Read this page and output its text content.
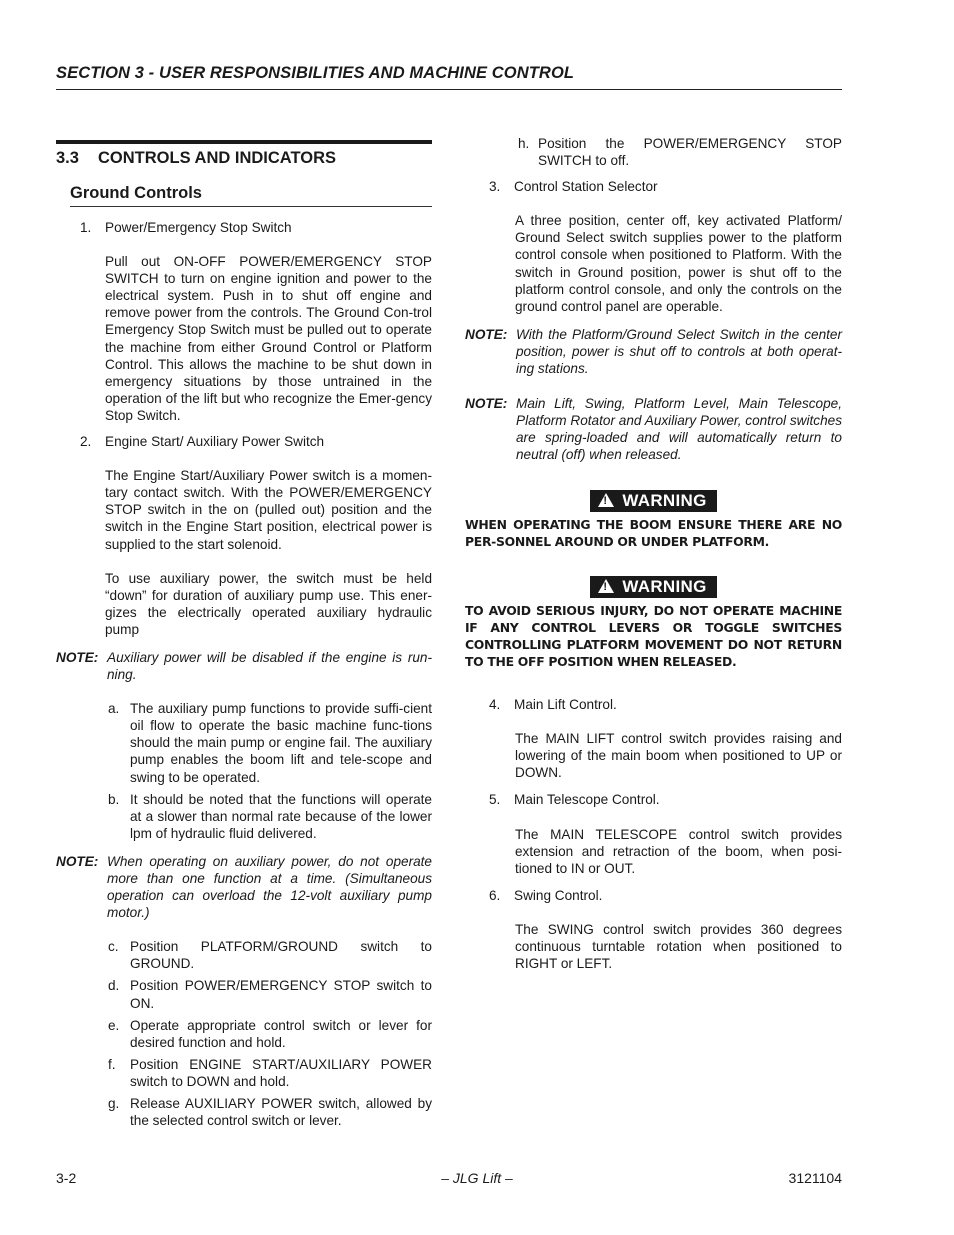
SECTION 3 - USER RESPONSIBILITIES AND MACHINE CONTROL
3.3 CONTROLS AND INDICATORS
Ground Controls
1.	Power/Emergency Stop Switch
Pull out ON-OFF POWER/EMERGENCY STOP SWITCH to turn on engine ignition and power to the electrical system. Push in to shut off engine and remove power from the controls. The Ground Con-trol Emergency Stop Switch must be pulled out to operate the machine from either Ground Control or Platform Control. This allows the machine to be shut down in emergency situations by those untrained in the operation of the lift but who recognize the Emer-gency Stop Switch.
2.	Engine Start/ Auxiliary Power Switch
The Engine Start/Auxiliary Power switch is a momen-tary contact switch. With the POWER/EMERGENCY STOP switch in the on (pulled out) position and the switch in the Engine Start position, electrical power is supplied to the start solenoid.
To use auxiliary power, the switch must be held “down” for duration of auxiliary pump use. This ener-gizes the electrically operated auxiliary hydraulic pump
NOTE: Auxiliary power will be disabled if the engine is run-ning.
a. The auxiliary pump functions to provide suffi-cient oil flow to operate the basic machine func-tions should the main pump or engine fail. The auxiliary pump enables the boom lift and tele-scope and swing to be operated.
b. It should be noted that the functions will operate at a slower than normal rate because of the lower lpm of hydraulic fluid delivered.
NOTE: When operating on auxiliary power, do not operate more than one function at a time. (Simultaneous operation can overload the 12-volt auxiliary pump motor.)
c. Position PLATFORM/GROUND switch to GROUND.
d. Position POWER/EMERGENCY STOP switch to ON.
e. Operate appropriate control switch or lever for desired function and hold.
f.	Position ENGINE START/AUXILIARY POWER switch to DOWN and hold.
g. Release AUXILIARY POWER switch, allowed by the selected control switch or lever.
h. Position the POWER/EMERGENCY STOP SWITCH to off.
3.	Control Station Selector
A three position, center off, key activated Platform/ Ground Select switch supplies power to the platform control console when positioned to Platform. With the switch in Ground position, power is shut off to the platform control console, and only the controls on the ground control panel are operable.
NOTE: With the Platform/Ground Select Switch in the center position, power is shut off to controls at both operat-ing stations.
NOTE: Main Lift, Swing, Platform Level, Main Telescope, Platform Rotator and Auxiliary Power, control switches are spring-loaded and will automatically return to neutral (off) when released.
!WARNING
WHEN OPERATING THE BOOM ENSURE THERE ARE NO PER-SONNEL AROUND OR UNDER PLATFORM.
!WARNING
TO AVOID SERIOUS INJURY, DO NOT OPERATE MACHINE IF ANY CONTROL LEVERS OR TOGGLE SWITCHES CONTROLLING PLATFORM MOVEMENT DO NOT RETURN TO THE OFF POSITION WHEN RELEASED.
4.	Main Lift Control.
The MAIN LIFT control switch provides raising and lowering of the main boom when positioned to UP or DOWN.
5.	Main Telescope Control.
The MAIN TELESCOPE control switch provides extension and retraction of the boom, when posi-tioned to IN or OUT.
6.	Swing Control.
The SWING control switch provides 360 degrees continuous turntable rotation when positioned to RIGHT or LEFT.
3-2	– JLG Lift –	3121104
